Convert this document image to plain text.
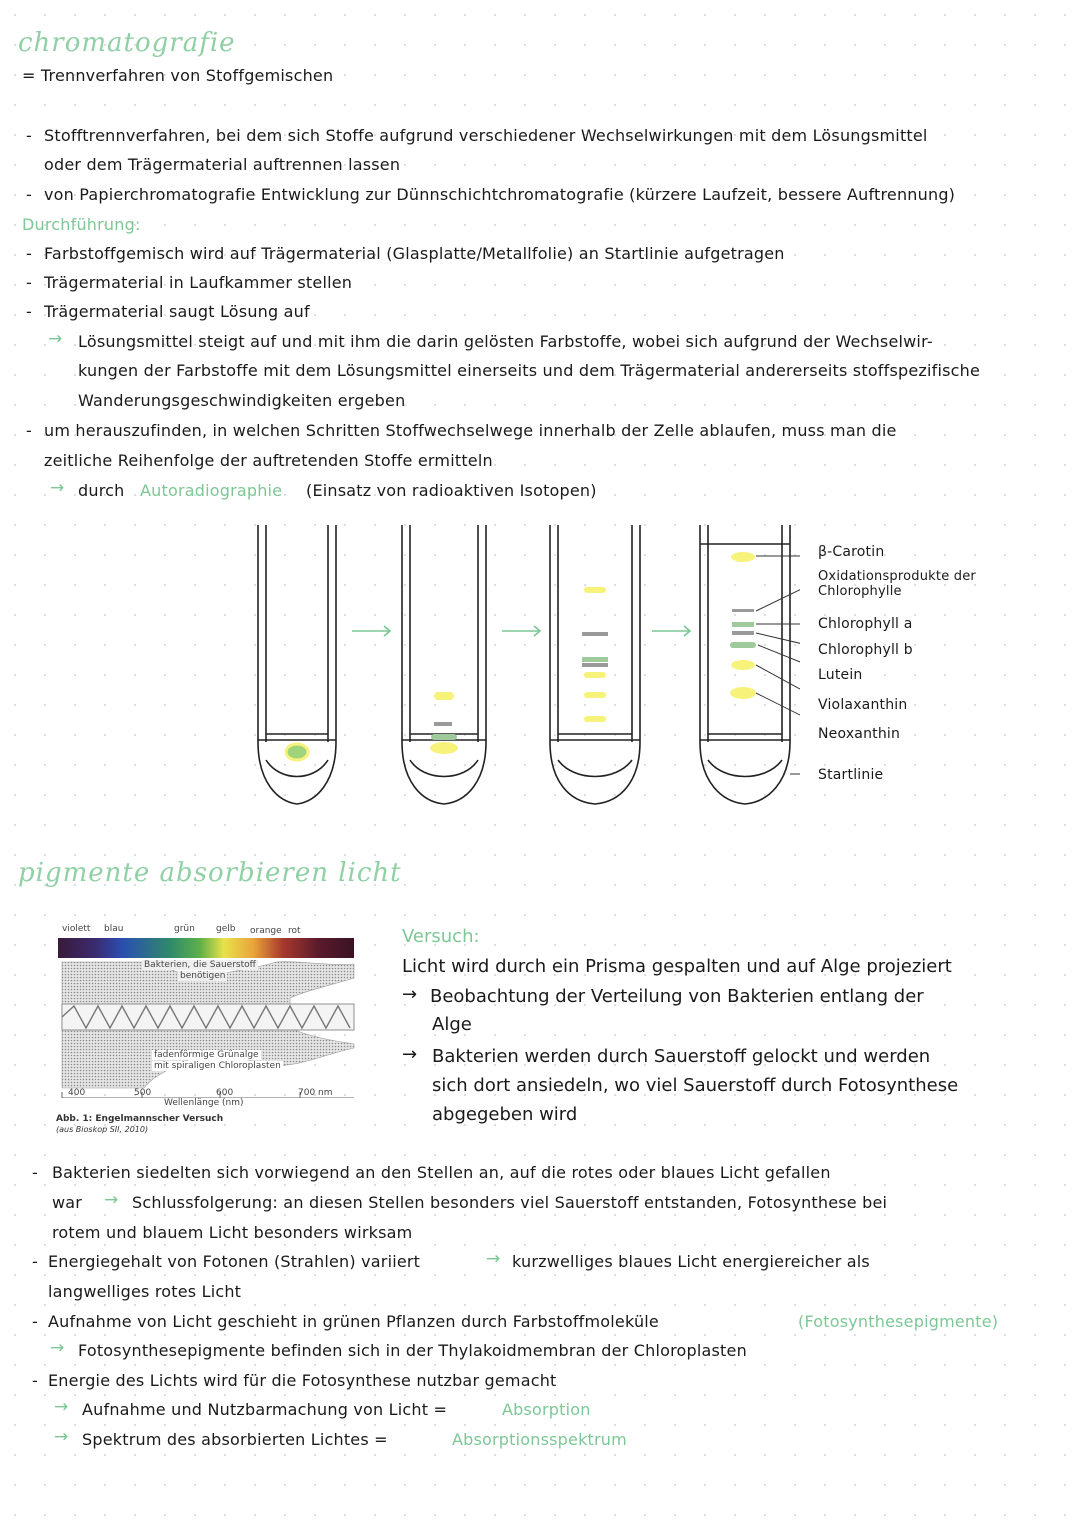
chromatografie
= Trennverfahren von Stoffgemischen
- Stofftrennverfahren, bei dem sich Stoffe aufgrund verschiedener Wechselwirkungen mit dem Lösungsmittel
oder dem Trägermaterial auftrennen lassen
- von Papierchromatografie Entwicklung zur Dünnschichtchromatografie (kürzere Laufzeit, bessere Auftrennung)
Durchführung:
- Farbstoffgemisch wird auf Trägermaterial (Glasplatte/Metallfolie) an Startlinie aufgetragen
- Trägermaterial in Laufkammer stellen
- Trägermaterial saugt Lösung auf
→ Lösungsmittel steigt auf und mit ihm die darin gelösten Farbstoffe, wobei sich aufgrund der Wechselwir-
kungen der Farbstoffe mit dem Lösungsmittel einerseits und dem Trägermaterial andererseits stoffspezifische
Wanderungsgeschwindigkeiten ergeben
- um herauszufinden, in welchen Schritten Stoffwechselwege innerhalb der Zelle ablaufen, muss man die
zeitliche Reihenfolge der auftretenden Stoffe ermitteln
→ durch Autoradiographie (Einsatz von radioaktiven Isotopen)
β-Carotin
Oxidationsprodukte der
Chlorophylle
Chlorophyll a
Chlorophyll b
Lutein
Violaxanthin
Neoxanthin
Startlinie
pigmente absorbieren licht
violett blau	grün gelb orange rot
Bakterien, die Sauerstoff
benötigen
fadenförmige Grünalge
mit spiraligen Chloroplasten
400	500	600	700 nm
Wellenlänge (nm)
Abb. 1: Engelmannscher Versuch
(aus Bioskop SII, 2010)
Versuch:
Licht wird durch ein Prisma gespalten und auf Alge projeziert
→ Beobachtung der Verteilung von Bakterien entlang der
Alge
→ Bakterien werden durch Sauerstoff gelockt und werden
sich dort ansiedeln, wo viel Sauerstoff durch Fotosynthese
abgegeben wird
- Bakterien siedelten sich vorwiegend an den Stellen an, auf die rotes oder blaues Licht gefallen
war → Schlussfolgerung: an diesen Stellen besonders viel Sauerstoff entstanden, Fotosynthese bei
rotem und blauem Licht besonders wirksam
- Energiegehalt von Fotonen (Strahlen) variiert	→ kurzwelliges blaues Licht energiereicher als
langwelliges rotes Licht
- Aufnahme von Licht geschieht in grünen Pflanzen durch Farbstoffmoleküle	(Fotosynthesepigmente)
→ Fotosynthesepigmente befinden sich in der Thylakoidmembran der Chloroplasten
- Energie des Lichts wird für die Fotosynthese nutzbar gemacht
→ Aufnahme und Nutzbarmachung von Licht =	Absorption
→ Spektrum des absorbierten Lichtes =	Absorptionsspektrum
